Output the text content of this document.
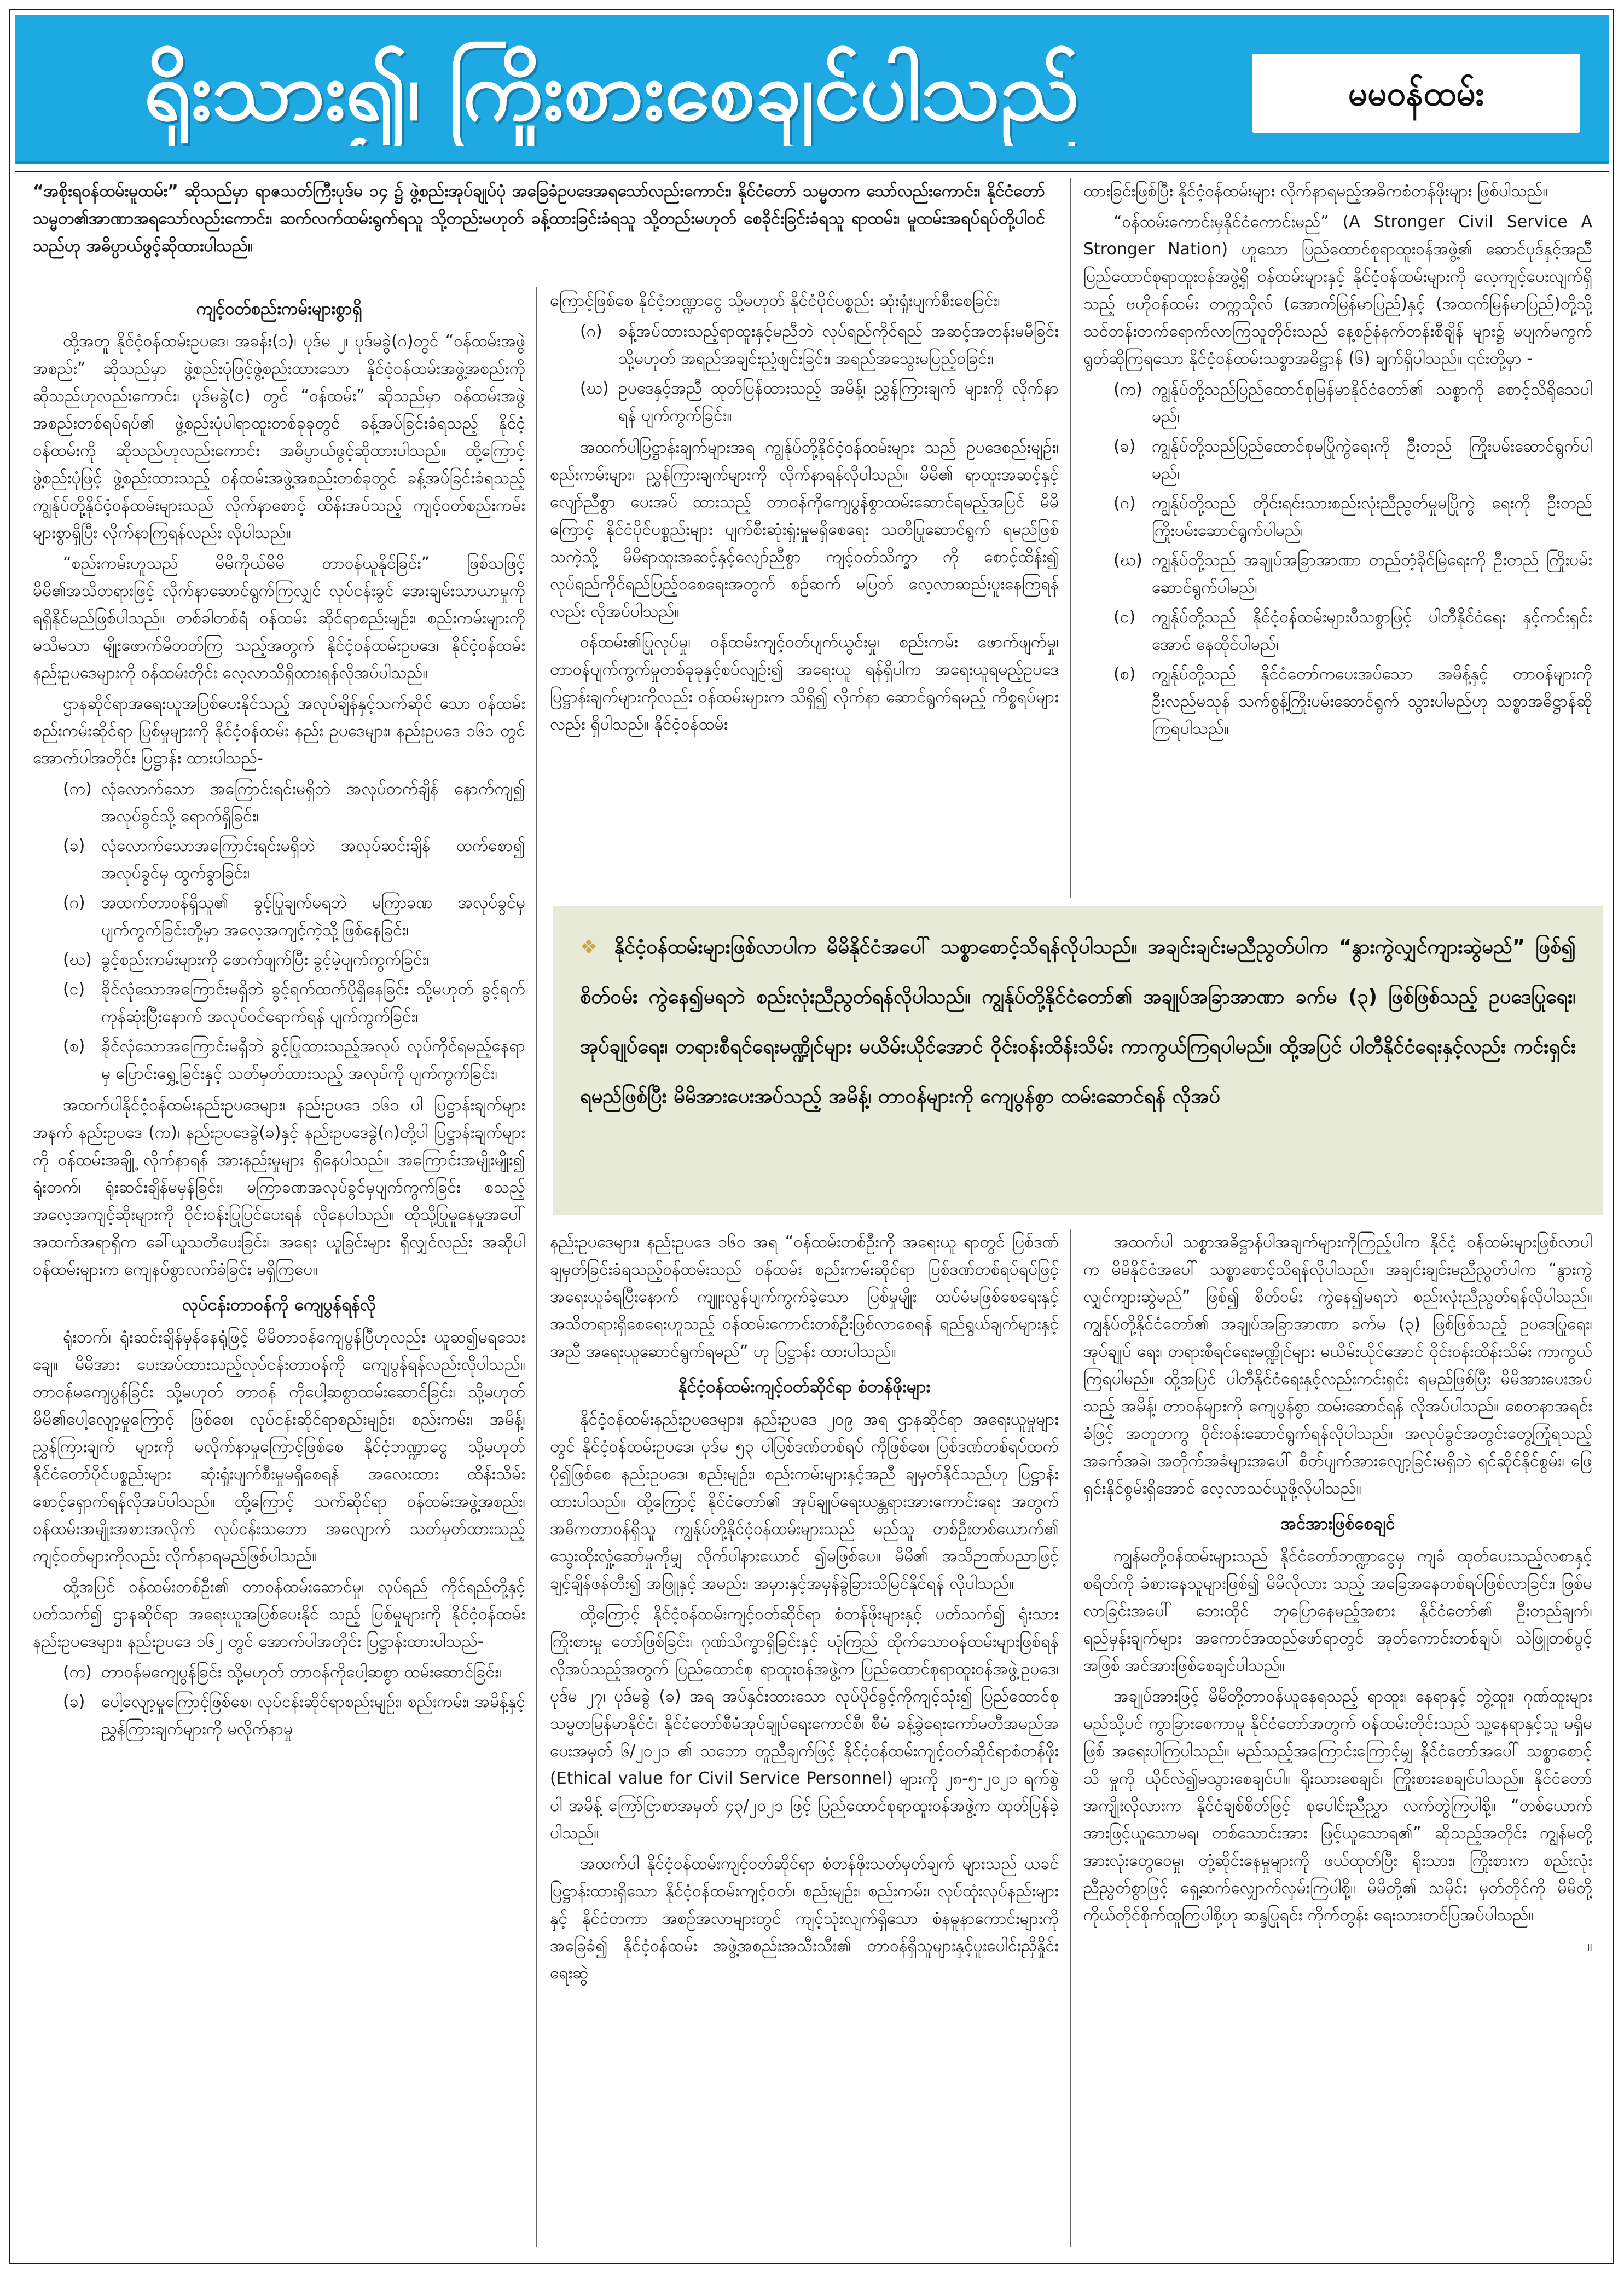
ရိုးသား၍၊ ကြိုးစားစေချင်ပါသည်	မမဝန်ထမ်း
“အစိုးရဝန်ထမ်းမူထမ်း” ဆိုသည်မှာ ရာဇသတ်ကြီးပုဒ်မ ၁၄ ၌ ဖွဲ့စည်းအုပ်ချုပ်ပုံ အခြေခံဥပဒေအရသော်လည်းကောင်း၊ နိုင်ငံတော် သမ္မတက သော်လည်းကောင်း၊ နိုင်ငံတော်သမ္မတ၏အာဏာအရသော်လည်းကောင်း၊ ဆက်လက်ထမ်းရွက်ရသူ သို့တည်းမဟုတ် ခန့်ထားခြင်းခံရသူ သို့တည်းမဟုတ် စေခိုင်းခြင်းခံရသူ ရာထမ်း၊ မူထမ်းအရပ်ရပ်တို့ပါဝင်သည်ဟု အဓိပ္ပာယ်ဖွင့်ဆိုထားပါသည်။
ကျင့်ဝတ်စည်းကမ်းများစွာရှိ

ထို့အတူ နိုင်ငံ့ဝန်ထမ်းဥပဒေ၊ အခန်း(၁)၊ ပုဒ်မ ၂၊ ပုဒ်မခွဲ(ဂ)တွင် “ဝန်ထမ်းအဖွဲ့အစည်း” ဆိုသည်မှာ ဖွဲ့စည်းပုံဖြင့်ဖွဲ့စည်းထားသော နိုင်ငံ့ဝန်ထမ်းအဖွဲ့အစည်းကိုဆိုသည်ဟုလည်းကောင်း၊ ပုဒ်မခွဲ(င) တွင် “ဝန်ထမ်း” ဆိုသည်မှာ ဝန်ထမ်းအဖွဲ့အစည်းတစ်ရပ်ရပ်၏ ဖွဲ့စည်းပုံပါရာထူးတစ်ခုခုတွင် ခန့်အပ်ခြင်းခံရသည့် နိုင်ငံ့ဝန်ထမ်းကို ဆိုသည်ဟုလည်းကောင်း အဓိပ္ပာယ်ဖွင့်ဆိုထားပါသည်။ ထို့ကြောင့် ဖွဲ့စည်းပုံဖြင့် ဖွဲ့စည်းထားသည့် ဝန်ထမ်းအဖွဲ့အစည်းတစ်ခုတွင် ခန့်အပ်ခြင်းခံရသည့် ကျွန်ုပ်တို့နိုင်ငံ့ဝန်ထမ်းများသည် လိုက်နာစောင့် ထိန်းအပ်သည့် ကျင့်ဝတ်စည်းကမ်းများစွာရှိပြီး လိုက်နာကြရန်လည်း လိုပါသည်။

“စည်းကမ်းဟူသည် မိမိကိုယ်မိမိ တာဝန်ယူနိုင်ခြင်း” ဖြစ်သဖြင့် မိမိ၏အသိတရားဖြင့် လိုက်နာဆောင်ရွက်ကြလျှင် လုပ်ငန်းခွင် အေးချမ်းသာယာမှုကို ရရှိနိုင်မည်ဖြစ်ပါသည်။ တစ်ခါတစ်ရံ ဝန်ထမ်း ဆိုင်ရာစည်းမျဉ်း၊ စည်းကမ်းများကို မသိမသာ မျိုးဖောက်မိတတ်ကြ သည့်အတွက် နိုင်ငံ့ဝန်ထမ်းဥပဒေ၊ နိုင်ငံ့ဝန်ထမ်းနည်းဥပဒေများကို ဝန်ထမ်းတိုင်း လေ့လာသိရှိထားရန်လိုအပ်ပါသည်။

ဌာနဆိုင်ရာအရေးယူအပြစ်ပေးနိုင်သည့် အလုပ်ချိန်နှင့်သက်ဆိုင် သော ဝန်ထမ်းစည်းကမ်းဆိုင်ရာ ပြစ်မှုများကို နိုင်ငံ့ဝန်ထမ်း နည်း ဥပဒေများ၊ နည်းဥပဒေ ၁၆၁ တွင် အောက်ပါအတိုင်း ပြဋ္ဌာန်း ထားပါသည်-

(က) လုံလောက်သော အကြောင်းရင်းမရှိဘဲ အလုပ်တက်ချိန် နောက်ကျ၍ အလုပ်ခွင်သို့ ရောက်ရှိခြင်း၊
(ခ) လုံလောက်သောအကြောင်းရင်းမရှိဘဲ အလုပ်ဆင်းချိန် ထက်စော၍ အလုပ်ခွင်မှ ထွက်ခွာခြင်း၊
(ဂ) အထက်တာဝန်ရှိသူ၏ ခွင့်ပြုချက်မရဘဲ မကြာခဏ အလုပ်ခွင်မှပျက်ကွက်ခြင်းတို့မှာ အလေ့အကျင့်ကဲ့သို့ဖြစ်နေခြင်း၊
(ဃ) ခွင့်စည်းကမ်းများကို ဖောက်ဖျက်ပြီး ခွင့်မဲ့ပျက်ကွက်ခြင်း၊
(င) ခိုင်လုံသောအကြောင်းမရှိဘဲ ခွင့်ရက်ထက်ပိုရှိနေခြင်း သို့မဟုတ် ခွင့်ရက်ကုန်ဆုံးပြီးနောက် အလုပ်ဝင်ရောက်ရန် ပျက်ကွက်ခြင်း၊
(စ) ခိုင်လုံသောအကြောင်းမရှိဘဲ ခွင့်ပြုထားသည့်အလုပ် လုပ်ကိုင်ရမည့်နေရာမှ ပြောင်းရွှေ့ခြင်းနှင့် သတ်မှတ်ထားသည့် အလုပ်ကို ပျက်ကွက်ခြင်း၊

အထက်ပါနိုင်ငံ့ဝန်ထမ်းနည်းဥပဒေများ၊ နည်းဥပဒေ ၁၆၁ ပါ ပြဋ္ဌာန်းချက်များအနက် နည်းဥပဒေ (က)၊ နည်းဥပဒေခွဲ(ခ)နှင့် နည်းဥပဒေခွဲ(ဂ)တို့ပါ ပြဋ္ဌာန်းချက်များကို ဝန်ထမ်းအချို့ လိုက်နာရန် အားနည်းမှုများ ရှိနေပါသည်။ အကြောင်းအမျိုးမျိုး၍ ရုံးတက်၊ ရုံးဆင်းချိန်မမှန်ခြင်း၊ မကြာခဏအလုပ်ခွင်မှပျက်ကွက်ခြင်း စသည့် အလေ့အကျင့်ဆိုးများကို ဝိုင်းဝန်းပြုပြင်ပေးရန် လိုနေပါသည်။ ထိုသို့ပြုမူနေမှုအပေါ် အထက်အရာရှိက ခေါ်ယူသတိပေးခြင်း၊ အရေး ယူခြင်းများ ရှိလျှင်လည်း အဆိုပါဝန်ထမ်းများက ကျေနပ်စွာလက်ခံခြင်း မရှိကြပေ။

လုပ်ငန်းတာဝန်ကို ကျေပွန်ရန်လို

ရုံးတက်၊ ရုံးဆင်းချိန်မှန်နေရုံဖြင့် မိမိတာဝန်ကျေပွန်ပြီဟုလည်း ယူဆ၍မရသေးချေ။ မိမိအား ပေးအပ်ထားသည့်လုပ်ငန်းတာဝန်ကို ကျေပွန်ရန်လည်းလိုပါသည်။ တာဝန်မကျေပွန်ခြင်း သို့မဟုတ် တာဝန် ကိုပေါ့ဆစွာထမ်းဆောင်ခြင်း၊ သို့မဟုတ် မိမိ၏ပေါ့လျော့မှုကြောင့် ဖြစ်စေ၊ လုပ်ငန်းဆိုင်ရာစည်းမျဉ်း၊ စည်းကမ်း၊ အမိန့်၊ ညွှန်ကြားချက် များကို မလိုက်နာမှုကြောင့်ဖြစ်စေ နိုင်ငံ့ဘဏ္ဍာငွေ သို့မဟုတ် နိုင်ငံတော်ပိုင်ပစ္စည်းများ ဆုံးရှုံးပျက်စီးမှုမရှိစေရန် အလေးထား ထိန်းသိမ်းစောင့်ရှောက်ရန်လိုအပ်ပါသည်။ ထို့ကြောင့် သက်ဆိုင်ရာ ဝန်ထမ်းအဖွဲ့အစည်း၊ ဝန်ထမ်းအမျိုးအစားအလိုက် လုပ်ငန်းသဘော အလျောက် သတ်မှတ်ထားသည့်ကျင့်ဝတ်များကိုလည်း လိုက်နာရမည်ဖြစ်ပါသည်။

ထို့အပြင် ဝန်ထမ်းတစ်ဦး၏ တာဝန်ထမ်းဆောင်မှု၊ လုပ်ရည် ကိုင်ရည်တို့နှင့်ပတ်သက်၍ ဌာနဆိုင်ရာ အရေးယူအပြစ်ပေးနိုင် သည့် ပြစ်မှုများကို နိုင်ငံ့ဝန်ထမ်းနည်းဥပဒေများ၊ နည်းဥပဒေ ၁၆၂ တွင် အောက်ပါအတိုင်း ပြဋ္ဌာန်းထားပါသည်-

(က) တာဝန်မကျေပွန်ခြင်း သို့မဟုတ် တာဝန်ကိုပေါ့ဆစွာ ထမ်းဆောင်ခြင်း၊
(ခ) ပေါ့လျော့မှုကြောင့်ဖြစ်စေ၊ လုပ်ငန်းဆိုင်ရာစည်းမျဉ်း၊ စည်းကမ်း၊ အမိန့်နှင့်ညွှန်ကြားချက်များကို မလိုက်နာမှု

ကြောင့်ဖြစ်စေ နိုင်ငံ့ဘဏ္ဍာငွေ သို့မဟုတ် နိုင်ငံပိုင်ပစ္စည်း ဆုံးရှုံးပျက်စီးစေခြင်း၊

(ဂ) ခန့်အပ်ထားသည့်ရာထူးနှင့်မညီဘဲ လုပ်ရည်ကိုင်ရည် အဆင့်အတန်းမမီခြင်း သို့မဟုတ် အရည်အချင်းညံ့ဖျင်းခြင်း၊ အရည်အသွေးမပြည့်ဝခြင်း၊
(ဃ) ဥပဒေနှင့်အညီ ထုတ်ပြန်ထားသည့် အမိန့်၊ ညွှန်ကြားချက် များကို လိုက်နာရန် ပျက်ကွက်ခြင်း။

အထက်ပါပြဋ္ဌာန်းချက်များအရ ကျွန်ုပ်တို့နိုင်ငံ့ဝန်ထမ်းများ သည် ဥပဒေစည်းမျဉ်း၊ စည်းကမ်းများ၊ ညွှန်ကြားချက်များကို လိုက်နာရန်လိုပါသည်။ မိမိ၏ ရာထူးအဆင့်နှင့်လျော်ညီစွာ ပေးအပ် ထားသည့် တာဝန်ကိုကျေပွန်စွာထမ်းဆောင်ရမည့်အပြင် မိမိကြောင့် နိုင်ငံပိုင်ပစ္စည်းများ ပျက်စီးဆုံးရှုံးမှုမရှိစေရေး သတိပြုဆောင်ရွက် ရမည်ဖြစ်သကဲ့သို့ မိမိရာထူးအဆင့်နှင့်လျော်ညီစွာ ကျင့်ဝတ်သိက္ခာ ကို စောင့်ထိန်း၍ လုပ်ရည်ကိုင်ရည်ပြည့်ဝစေရေးအတွက် စဉ်ဆက် မပြတ် လေ့လာဆည်းပူးနေကြရန်လည်း လိုအပ်ပါသည်။

ဝန်ထမ်း၏ပြုလုပ်မှု၊ ဝန်ထမ်းကျင့်ဝတ်ပျက်ယွင်းမှု၊ စည်းကမ်း ဖောက်ဖျက်မှု၊ တာဝန်ပျက်ကွက်မှုတစ်ခုခုနှင့်စပ်လျဉ်း၍ အရေးယူ ရန်ရှိပါက အရေးယူရမည့်ဥပဒေပြဋ္ဌာန်းချက်များကိုလည်း ဝန်ထမ်းများက သိရှိ၍ လိုက်နာ ဆောင်ရွက်ရမည့် ကိစ္စရပ်များလည်း ရှိပါသည်။ နိုင်ငံ့ဝန်ထမ်း

ထားခြင်းဖြစ်ပြီး နိုင်ငံ့ဝန်ထမ်းများ လိုက်နာရမည့်အဓိကစံတန်ဖိုးများ ဖြစ်ပါသည်။

“ဝန်ထမ်းကောင်းမှနိုင်ငံကောင်းမည်” (A Stronger Civil Service A Stronger Nation) ဟူသော ပြည်ထောင်စုရာထူးဝန်အဖွဲ့၏ ဆောင်ပုဒ်နှင့်အညီ ပြည်ထောင်စုရာထူးဝန်အဖွဲ့ရှိ ဝန်ထမ်းများနှင့် နိုင်ငံ့ဝန်ထမ်းများကို လေ့ကျင့်ပေးလျက်ရှိသည့် ဗဟိုဝန်ထမ်း တက္ကသိုလ် (အောက်မြန်မာပြည်)နှင့် (အထက်မြန်မာပြည်)တို့သို့ သင်တန်းတက်ရောက်လာကြသူတိုင်းသည် နေ့စဉ်နံနက်တန်းစီချိန် များ၌ မပျက်မကွက်ရွတ်ဆိုကြရသော နိုင်ငံ့ဝန်ထမ်းသစ္စာအဓိဋ္ဌာန် (၆) ချက်ရှိပါသည်။ ၎င်းတို့မှာ -

(က) ကျွန်ုပ်တို့သည်ပြည်ထောင်စုမြန်မာနိုင်ငံတော်၏ သစ္စာကို စောင့်သိရိုသေပါမည်၊
(ခ) ကျွန်ုပ်တို့သည်ပြည်ထောင်စုမပြိုကွဲရေးကို ဦးတည် ကြိုးပမ်းဆောင်ရွက်ပါမည်၊
(ဂ) ကျွန်ုပ်တို့သည် တိုင်းရင်းသားစည်းလုံးညီညွတ်မှုမပြိုကွဲ ရေးကို ဦးတည်ကြိုးပမ်းဆောင်ရွက်ပါမည်၊
(ဃ) ကျွန်ုပ်တို့သည် အချုပ်အခြာအာဏာ တည်တံ့ခိုင်မြဲရေးကို ဦးတည် ကြိုးပမ်းဆောင်ရွက်ပါမည်၊
(င) ကျွန်ုပ်တို့သည် နိုင်ငံ့ဝန်ထမ်းများပီသစွာဖြင့် ပါတီနိုင်ငံရေး နှင့်ကင်းရှင်းအောင် နေထိုင်ပါမည်၊
(စ) ကျွန်ုပ်တို့သည် နိုင်ငံတော်ကပေးအပ်သော အမိန့်နှင့် တာဝန်များကို ဦးလည်မသုန် သက်စွန့်ကြိုးပမ်းဆောင်ရွက် သွားပါမည်ဟု သစ္စာအဓိဋ္ဌာန်ဆိုကြရပါသည်။
❖ နိုင်ငံ့ဝန်ထမ်းများဖြစ်လာပါက မိမိနိုင်ငံအပေါ် သစ္စာစောင့်သိရန်လိုပါသည်။ အချင်းချင်းမညီညွတ်ပါက “နွားကွဲလျှင်ကျားဆွဲမည်” ဖြစ်၍ စိတ်ဝမ်း ကွဲနေ၍မရဘဲ စည်းလုံးညီညွတ်ရန်လိုပါသည်။ ကျွန်ုပ်တို့နိုင်ငံတော်၏ အချုပ်အခြာအာဏာ ခက်မ (၃) ဖြစ်ဖြစ်သည့် ဥပဒေပြုရေး၊ အုပ်ချုပ်ရေး၊ တရားစီရင်ရေးမဏ္ဍိုင်များ မယိမ်းယိုင်အောင် ဝိုင်းဝန်းထိန်းသိမ်း ကာကွယ်ကြရပါမည်။ ထို့အပြင် ပါတီနိုင်ငံရေးနှင့်လည်း ကင်းရှင်း ရမည်ဖြစ်ပြီး မိမိအားပေးအပ်သည့် အမိန့်၊ တာဝန်များကို ကျေပွန်စွာ ထမ်းဆောင်ရန် လိုအပ်

နည်းဥပဒေများ၊ နည်းဥပဒေ ၁၆၀ အရ “ဝန်ထမ်းတစ်ဦးကို အရေးယူ ရာတွင် ပြစ်ဒဏ်ချမှတ်ခြင်းခံရသည့်ဝန်ထမ်းသည် ဝန်ထမ်း စည်းကမ်းဆိုင်ရာ ပြစ်ဒဏ်တစ်ရပ်ရပ်ဖြင့် အရေးယူခံရပြီးနောက် ကျူးလွန်ပျက်ကွက်ခဲ့သော ပြစ်မှုမျိုး ထပ်မံမဖြစ်စေရေးနှင့် အသိတရားရှိစေရေးဟူသည့် ဝန်ထမ်းကောင်းတစ်ဦးဖြစ်လာစေရန် ရည်ရွယ်ချက်များနှင့်အညီ အရေးယူဆောင်ရွက်ရမည်” ဟု ပြဋ္ဌာန်း ထားပါသည်။

နိုင်ငံ့ဝန်ထမ်းကျင့်ဝတ်ဆိုင်ရာ စံတန်ဖိုးများ

နိုင်ငံ့ဝန်ထမ်းနည်းဥပဒေများ၊ နည်းဥပဒေ ၂၀၉ အရ ဌာနဆိုင်ရာ အရေးယူမှုများတွင် နိုင်ငံ့ဝန်ထမ်းဥပဒေ၊ ပုဒ်မ ၅၃ ပါပြစ်ဒဏ်တစ်ရပ် ကိုဖြစ်စေ၊ ပြစ်ဒဏ်တစ်ရပ်ထက်ပို၍ဖြစ်စေ နည်းဥပဒေ၊ စည်းမျဉ်း၊ စည်းကမ်းများနှင့်အညီ ချမှတ်နိုင်သည်ဟု ပြဋ္ဌာန်းထားပါသည်။ ထို့ကြောင့် နိုင်ငံတော်၏ အုပ်ချုပ်ရေးယန္တရားအားကောင်းရေး အတွက် အဓိကတာဝန်ရှိသူ ကျွန်ုပ်တို့နိုင်ငံ့ဝန်ထမ်းများသည် မည်သူ တစ်ဦးတစ်ယောက်၏ သွေးထိုးလှုံ့ဆော်မှုကိုမျှ လိုက်ပါနားယောင် ၍မဖြစ်ပေ။ မိမိ၏ အသိဉာဏ်ပညာဖြင့် ချင့်ချိန်ဖန်တီး၍ အဖြူနှင့် အမည်း၊ အမှားနှင့်အမှန်ခွဲခြားသိမြင်နိုင်ရန် လိုပါသည်။

ထို့ကြောင့် နိုင်ငံ့ဝန်ထမ်းကျင့်ဝတ်ဆိုင်ရာ စံတန်ဖိုးများနှင့် ပတ်သက်၍ ရုံးသားကြိုးစားမှု တော်ဖြစ်ခြင်း၊ ဂုဏ်သိက္ခာရှိခြင်းနှင့် ယုံကြည် ထိုက်သောဝန်ထမ်းများဖြစ်ရန် လိုအပ်သည့်အတွက် ပြည်ထောင်စု ရာထူးဝန်အဖွဲ့က ပြည်ထောင်စုရာထူးဝန်အဖွဲ့ဥပဒေ၊ ပုဒ်မ ၂၇၊ ပုဒ်မခွဲ (ခ) အရ အပ်နှင်းထားသော လုပ်ပိုင်ခွင့်ကိုကျင့်သုံး၍ ပြည်ထောင်စု သမ္မတမြန်မာနိုင်ငံ၊ နိုင်ငံတော်စီမံအုပ်ချုပ်ရေးကောင်စီ၊ စီမံ ခန့်ခွဲရေးကော်မတီအမည်အပေးအမှတ် ၆/၂၀၂၁ ၏ သဘော တူညီချက်ဖြင့် နိုင်ငံ့ဝန်ထမ်းကျင့်ဝတ်ဆိုင်ရာစံတန်ဖိုး (Ethical value for Civil Service Personnel) များကို ၂၈-၅-၂၀၂၁ ရက်စွဲပါ အမိန့် ကြော်ငြာစာအမှတ် ၄၃/၂၀၂၁ ဖြင့် ပြည်ထောင်စုရာထူးဝန်အဖွဲ့က ထုတ်ပြန်ခဲ့ပါသည်။

အထက်ပါ နိုင်ငံ့ဝန်ထမ်းကျင့်ဝတ်ဆိုင်ရာ စံတန်ဖိုးသတ်မှတ်ချက် များသည် ယခင်ပြဋ္ဌာန်းထားရှိသော နိုင်ငံ့ဝန်ထမ်းကျင့်ဝတ်၊ စည်းမျဉ်း၊ စည်းကမ်း၊ လုပ်ထုံးလုပ်နည်းများနှင့် နိုင်ငံတကာ အစဉ်အလာများတွင် ကျင့်သုံးလျက်ရှိသော စံနမူနာကောင်းများကို အခြေခံ၍ နိုင်ငံ့ဝန်ထမ်း အဖွဲ့အစည်းအသီးသီး၏ တာဝန်ရှိသူများနှင့်ပူးပေါင်းညှိနှိုင်းရေးဆွဲ

အထက်ပါ သစ္စာအဓိဋ္ဌာန်ပါအချက်များကိုကြည့်ပါက နိုင်ငံ့ ဝန်ထမ်းများဖြစ်လာပါက မိမိနိုင်ငံအပေါ် သစ္စာစောင့်သိရန်လိုပါသည်။ အချင်းချင်းမညီညွတ်ပါက “နွားကွဲလျှင်ကျားဆွဲမည်” ဖြစ်၍ စိတ်ဝမ်း ကွဲနေ၍မရဘဲ စည်းလုံးညီညွတ်ရန်လိုပါသည်။ ကျွန်ုပ်တို့နိုင်ငံတော်၏ အချုပ်အခြာအာဏာ ခက်မ (၃) ဖြစ်ဖြစ်သည့် ဥပဒေပြုရေး၊ အုပ်ချုပ် ရေး၊ တရားစီရင်ရေးမဏ္ဍိုင်များ မယိမ်းယိုင်အောင် ဝိုင်းဝန်းထိန်းသိမ်း ကာကွယ်ကြရပါမည်။ ထို့အပြင် ပါတီနိုင်ငံရေးနှင့်လည်းကင်းရှင်း ရမည်ဖြစ်ပြီး မိမိအားပေးအပ်သည့် အမိန့်၊ တာဝန်များကို ကျေပွန်စွာ ထမ်းဆောင်ရန် လိုအပ်ပါသည်။ စေတနာအရင်းခံဖြင့် အတူတကွ ဝိုင်းဝန်းဆောင်ရွက်ရန်လိုပါသည်။ အလုပ်ခွင်အတွင်းတွေ့ကြုံရသည့် အခက်အခဲ၊ အတိုက်အခံများအပေါ် စိတ်ပျက်အားလျော့ခြင်းမရှိဘဲ ရင်ဆိုင်နိုင်စွမ်း၊ ဖြေရှင်းနိုင်စွမ်းရှိအောင် လေ့လာသင်ယူဖို့လိုပါသည်။

အင်အားဖြစ်စေချင်

ကျွန်မတို့ဝန်ထမ်းများသည် နိုင်ငံတော်ဘဏ္ဍာငွေမှ ကျခံ ထုတ်ပေးသည့်လစာနှင့်စရိတ်ကို ခံစားနေသူများဖြစ်၍ မိမိလိုလား သည့် အခြေအနေတစ်ရပ်ဖြစ်လာခြင်း၊ ဖြစ်မလာခြင်းအပေါ် ဘေးထိုင် ဘုပြောနေမည့်အစား နိုင်ငံတော်၏ ဦးတည်ချက်၊ ရည်မှန်းချက်များ အကောင်အထည်ဖော်ရာတွင် အုတ်ကောင်းတစ်ချပ်၊ သဲဖြူတစ်ပွင့် အဖြစ် အင်အားဖြစ်စေချင်ပါသည်။

အချုပ်အားဖြင့် မိမိတို့တာဝန်ယူနေရသည့် ရာထူး၊ နေရာနှင့် ဘွဲ့ထူး၊ ဂုဏ်ထူးများ မည်သို့ပင် ကွာခြားစေကာမူ နိုင်ငံတော်အတွက် ဝန်ထမ်းတိုင်းသည် သူ့နေရာနှင့်သူ မရှိမဖြစ် အရေးပါကြပါသည်။ မည်သည့်အကြောင်းကြောင့်မျှ နိုင်ငံတော်အပေါ် သစ္စာစောင့်သိ မှုကို ယိုင်လဲ၍မသွားစေချင်ပါ။ ရိုးသားစေချင်၊ ကြိုးစားစေချင်ပါသည်။ နိုင်ငံတော်အကျိုးလိုလားက နိုင်ငံချစ်စိတ်ဖြင့် စုပေါင်းညီညွှာ လက်တွဲကြပါစို့။ “တစ်ယောက်အားဖြင့်ယူသောမရ၊ တစ်သောင်းအား ဖြင့်ယူသောရ၏” ဆိုသည့်အတိုင်း ကျွန်မတို့အားလုံးတွေဝေမှု၊ တုံ့ဆိုင်းနေမှုများကို ဖယ်ထုတ်ပြီး ရိုးသား၊ ကြိုးစားက စည်းလုံး ညီညွတ်စွာဖြင့် ရှေ့ဆက်လျှောက်လှမ်းကြပါစို့။ မိမိတို့၏ သမိုင်း မှတ်တိုင်ကို မိမိတို့ကိုယ်တိုင်စိုက်ထူကြပါစို့ဟု ဆန္ဒပြုရင်း ကိုက်တွန်း ရေးသားတင်ပြအပ်ပါသည်။

။
